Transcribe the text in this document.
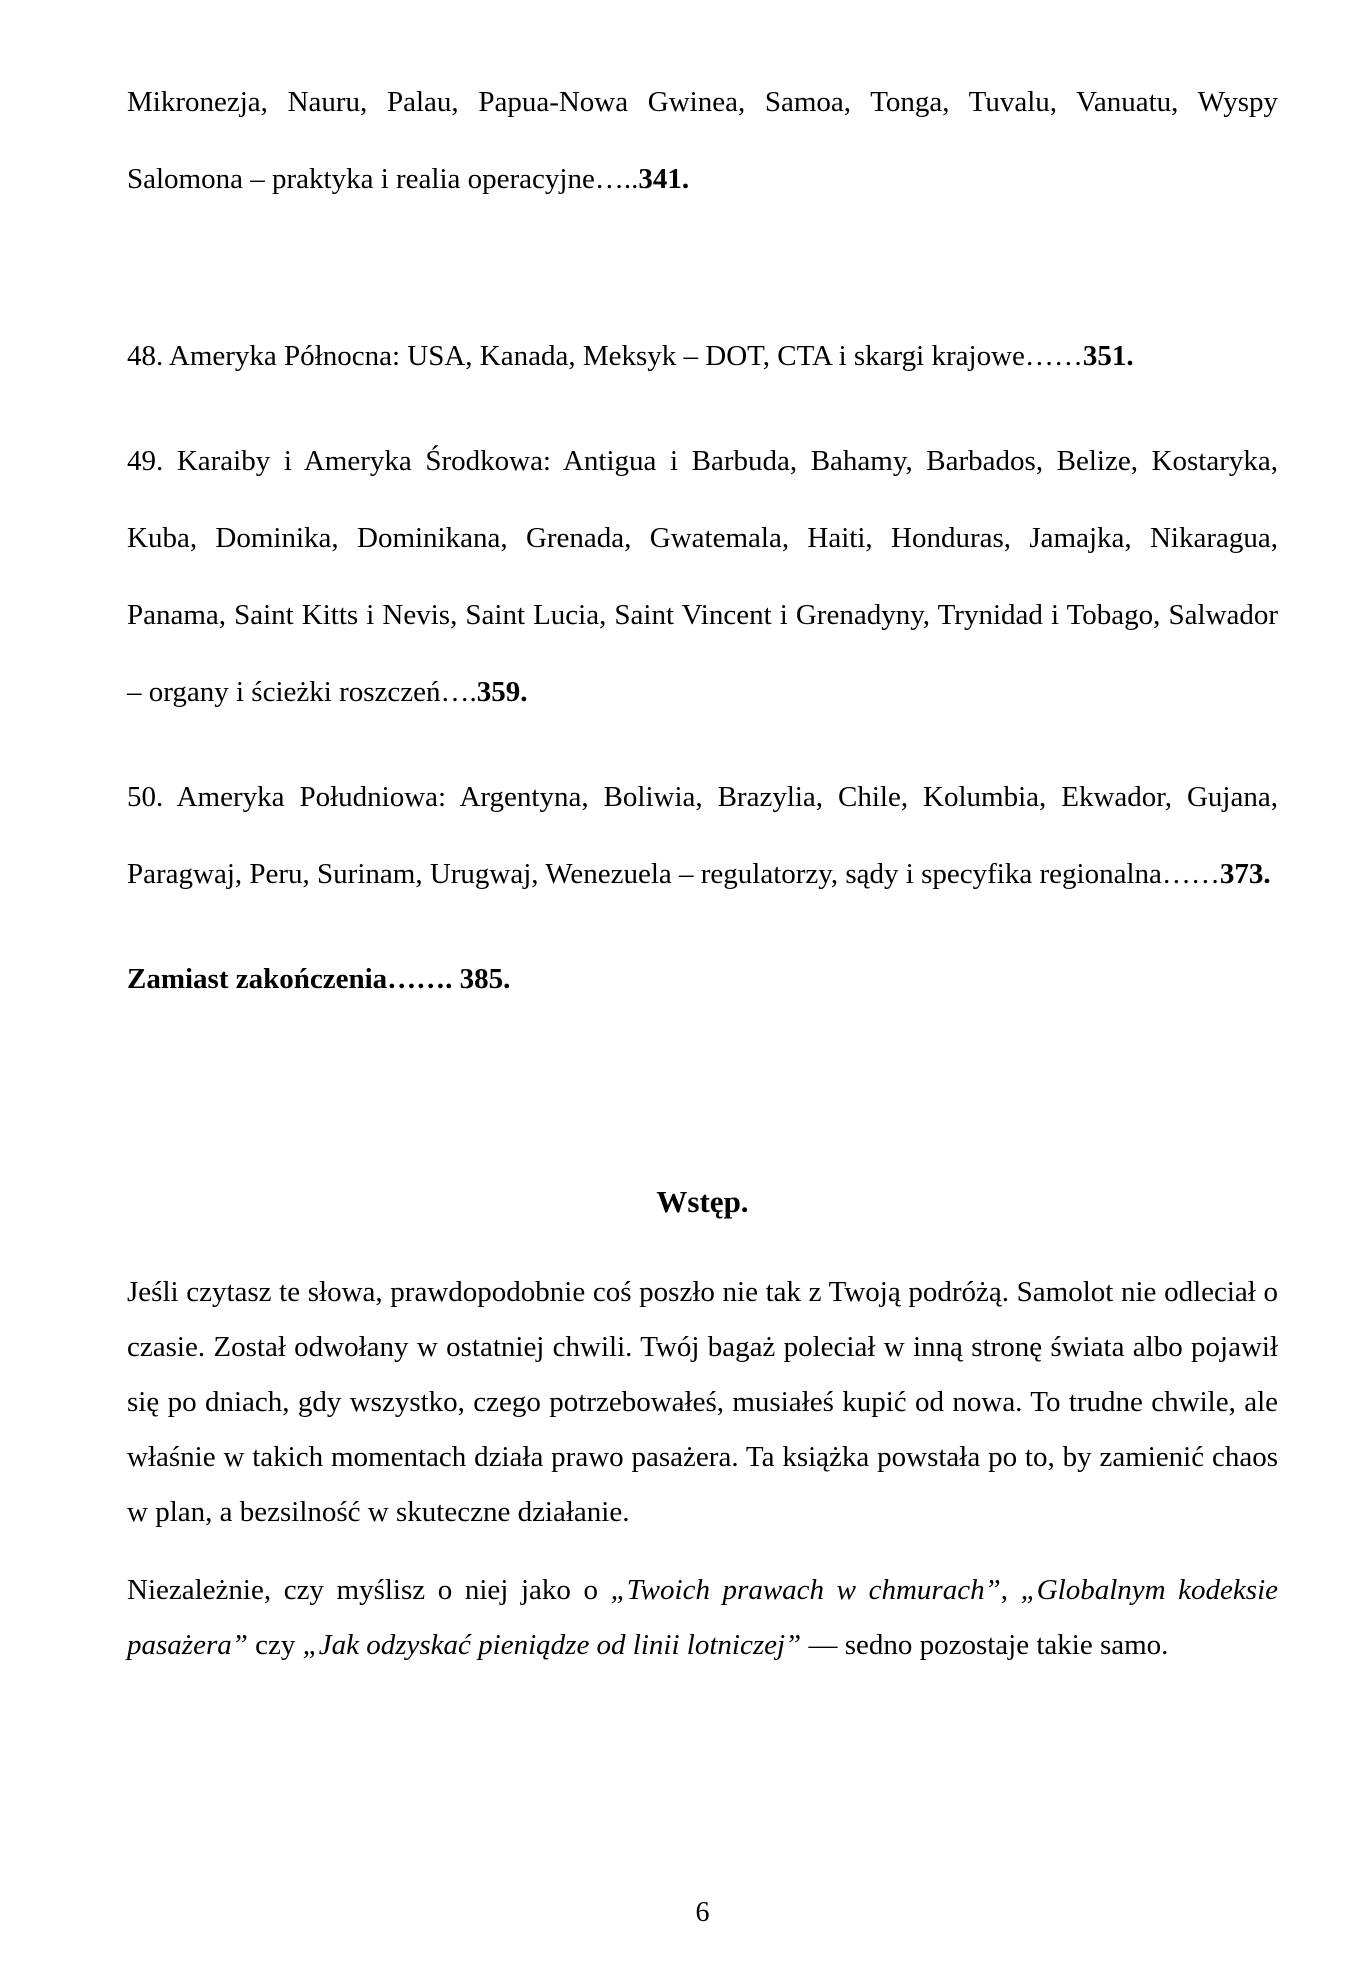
Mikronezja, Nauru, Palau, Papua-Nowa Gwinea, Samoa, Tonga, Tuvalu, Vanuatu, Wyspy Salomona – praktyka i realia operacyjne…..341.
48. Ameryka Północna: USA, Kanada, Meksyk – DOT, CTA i skargi krajowe……351.
49. Karaiby i Ameryka Środkowa: Antigua i Barbuda, Bahamy, Barbados, Belize, Kostaryka, Kuba, Dominika, Dominikana, Grenada, Gwatemala, Haiti, Honduras, Jamajka, Nikaragua, Panama, Saint Kitts i Nevis, Saint Lucia, Saint Vincent i Grenadyny, Trynidad i Tobago, Salwador – organy i ścieżki roszczeń….359.
50. Ameryka Południowa: Argentyna, Boliwia, Brazylia, Chile, Kolumbia, Ekwador, Gujana, Paragwaj, Peru, Surinam, Urugwaj, Wenezuela – regulatorzy, sądy i specyfika regionalna……373.
Zamiast zakończenia……. 385.
Wstęp.
Jeśli czytasz te słowa, prawdopodobnie coś poszło nie tak z Twoją podróżą. Samolot nie odleciał o czasie. Został odwołany w ostatniej chwili. Twój bagaż poleciał w inną stronę świata albo pojawił się po dniach, gdy wszystko, czego potrzebowałeś, musiałeś kupić od nowa. To trudne chwile, ale właśnie w takich momentach działa prawo pasażera. Ta książka powstała po to, by zamienić chaos w plan, a bezsilność w skuteczne działanie.
Niezależnie, czy myślisz o niej jako o „Twoich prawach w chmurach”, „Globalnym kodeksie pasażera” czy „Jak odzyskać pieniądze od linii lotniczej” — sedno pozostaje takie samo.
6
